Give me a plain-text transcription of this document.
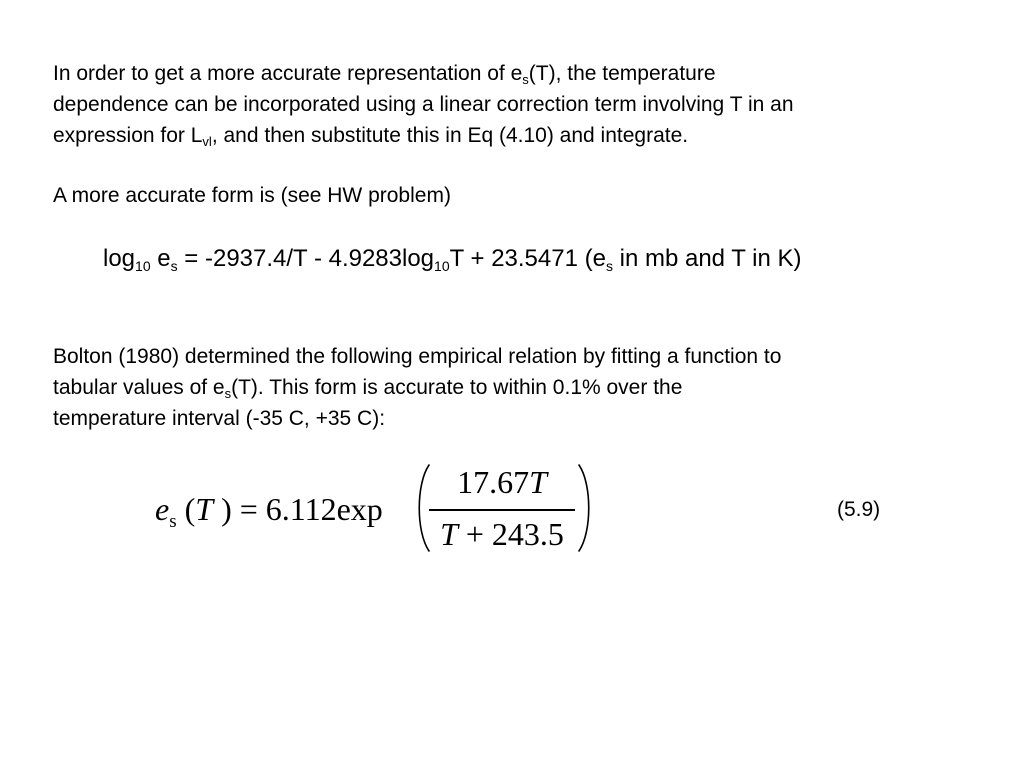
In order to get a more accurate representation of $e_s(T)$, the temperature
dependence can be incorporated using a linear correction term involving T in an
expression for $L_{vl}$, and then substitute this in Eq (4.10) and integrate.
A more accurate form is (see HW problem)
$\log_{10} e_s = -2937.4/T - 4.9283\log_{10}T + 23.5471$ ($e_s$ in mb and T in K)
Bolton (1980) determined the following empirical relation by fitting a function to
tabular values of $e_s(T)$. This form is accurate to within 0.1% over the
temperature interval (-35 C, +35 C):
$e_s$ (T ) = 6.112exp
17.67T
T + 243.5
(5.9)
